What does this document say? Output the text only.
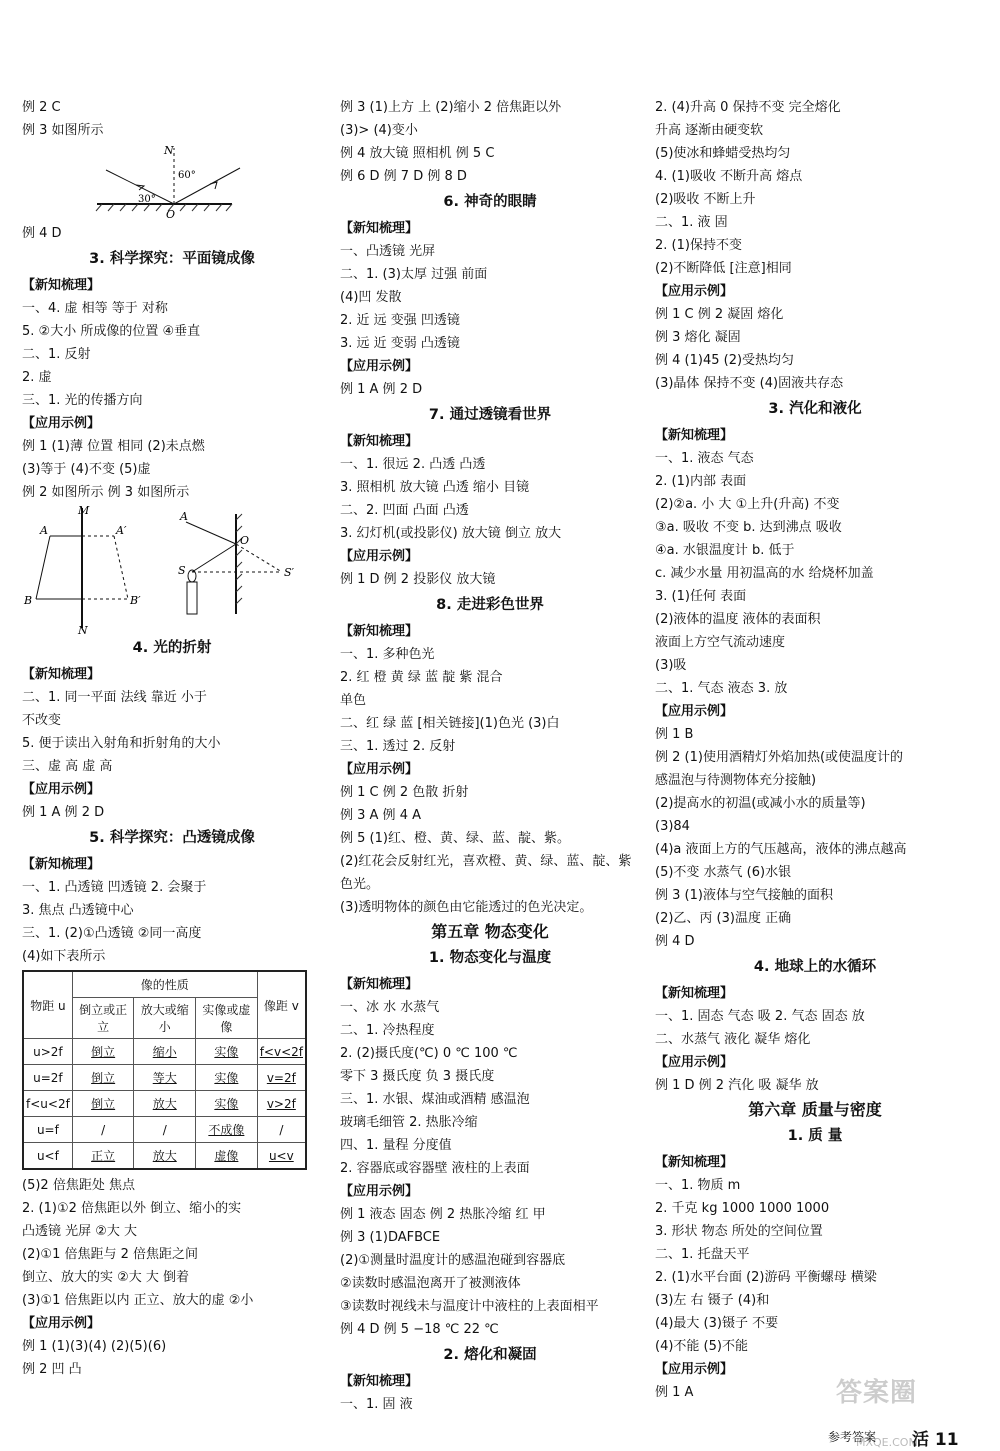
例 2 C
例 3 如图所示
N
O
30°
60°
例 4 D
3. 科学探究：平面镜成像
【新知梳理】
一、4. 虚 相等 等于 对称
5. ②大小 所成像的位置 ④垂直
二、1. 反射
2. 虚
三、1. 光的传播方向
【应用示例】
例 1 (1)薄 位置 相同 (2)未点燃
(3)等于 (4)不变 (5)虚
例 2 如图所示 例 3 如图所示
M
N
A	A′
B	B′
A
S
O
S′
4. 光的折射
【新知梳理】
二、1. 同一平面 法线 靠近 小于
不改变
5. 便于读出入射角和折射角的大小
三、虚 高 虚 高
【应用示例】
例 1 A 例 2 D
5. 科学探究：凸透镜成像
【新知梳理】
一、1. 凸透镜 凹透镜 2. 会聚于
3. 焦点 凸透镜中心
三、1. (2)①凸透镜 ②同一高度
(4)如下表所示
物距 u	像的性质			像距 v
	倒立或正立	放大或缩小	实像或虚像	
u>2f	倒立	缩小	实像	f<v<2f
u=2f	倒立	等大	实像	v=2f
f<u<2f	倒立	放大	实像	v>2f
u=f	/	/	不成像	/
u<f	正立	放大	虚像	u<v
(5)2 倍焦距处 焦点
2. (1)①2 倍焦距以外 倒立、缩小的实
凸透镜 光屏 ②大 大
(2)①1 倍焦距与 2 倍焦距之间
倒立、放大的实 ②大 大 倒着
(3)①1 倍焦距以内 正立、放大的虚 ②小
【应用示例】
例 1 (1)(3)(4) (2)(5)(6)
例 2 凹 凸
例 3 (1)上方 上 (2)缩小 2 倍焦距以外
(3)> (4)变小
例 4 放大镜 照相机 例 5 C
例 6 D 例 7 D 例 8 D
6. 神奇的眼睛
【新知梳理】
一、凸透镜 光屏
二、1. (3)太厚 过强 前面
(4)凹 发散
2. 近 远 变强 凹透镜
3. 远 近 变弱 凸透镜
【应用示例】
例 1 A 例 2 D
7. 通过透镜看世界
【新知梳理】
一、1. 很远 2. 凸透 凸透
3. 照相机 放大镜 凸透 缩小 目镜
二、2. 凹面 凸面 凸透
3. 幻灯机(或投影仪) 放大镜 倒立 放大
【应用示例】
例 1 D 例 2 投影仪 放大镜
8. 走进彩色世界
【新知梳理】
一、1. 多种色光
2. 红 橙 黄 绿 蓝 靛 紫 混合
单色
二、红 绿 蓝 [相关链接](1)色光 (3)白
三、1. 透过 2. 反射
【应用示例】
例 1 C 例 2 色散 折射
例 3 A 例 4 A
例 5 (1)红、橙、黄、绿、蓝、靛、紫。
(2)红花会反射红光，喜欢橙、黄、绿、蓝、靛、紫
色光。
(3)透明物体的颜色由它能透过的色光决定。
第五章 物态变化
1. 物态变化与温度
【新知梳理】
一、冰 水 水蒸气
二、1. 冷热程度
2. (2)摄氏度(℃) 0 ℃ 100 ℃
零下 3 摄氏度 负 3 摄氏度
三、1. 水银、煤油或酒精 感温泡
玻璃毛细管 2. 热胀冷缩
四、1. 量程 分度值
2. 容器底或容器壁 液柱的上表面
【应用示例】
例 1 液态 固态 例 2 热胀冷缩 红 甲
例 3 (1)DAFBCE
(2)①测量时温度计的感温泡碰到容器底
②读数时感温泡离开了被测液体
③读数时视线未与温度计中液柱的上表面相平
例 4 D 例 5 −18 ℃ 22 ℃
2. 熔化和凝固
【新知梳理】
一、1. 固 液
2. (4)升高 0 保持不变 完全熔化
升高 逐渐由硬变软
(5)使冰和蜂蜡受热均匀
4. (1)吸收 不断升高 熔点
(2)吸收 不断上升
二、1. 液 固
2. (1)保持不变
(2)不断降低 [注意]相同
【应用示例】
例 1 C 例 2 凝固 熔化
例 3 熔化 凝固
例 4 (1)45 (2)受热均匀
(3)晶体 保持不变 (4)固液共存态
3. 汽化和液化
【新知梳理】
一、1. 液态 气态
2. (1)内部 表面
(2)②a. 小 大 ①上升(升高) 不变
③a. 吸收 不变 b. 达到沸点 吸收
④a. 水银温度计 b. 低于
c. 减少水量 用初温高的水 给烧杯加盖
3. (1)任何 表面
(2)液体的温度 液体的表面积
液面上方空气流动速度
(3)吸
二、1. 气态 液态 3. 放
【应用示例】
例 1 B
例 2 (1)使用酒精灯外焰加热(或使温度计的
感温泡与待测物体充分接触)
(2)提高水的初温(或减小水的质量等)
(3)84
(4)a 液面上方的气压越高，液体的沸点越高
(5)不变 水蒸气 (6)水银
例 3 (1)液体与空气接触的面积
(2)乙、丙 (3)温度 正确
例 4 D
4. 地球上的水循环
【新知梳理】
一、1. 固态 气态 吸 2. 气态 固态 放
二、水蒸气 液化 凝华 熔化
【应用示例】
例 1 D 例 2 汽化 吸 凝华 放
第六章 质量与密度
1. 质 量
【新知梳理】
一、1. 物质 m
2. 千克 kg 1000 1000 1000
3. 形状 物态 所处的空间位置
二、1. 托盘天平
2. (1)水平台面 (2)游码 平衡螺母 横梁
(3)左 右 镊子 (4)和
(4)最大 (3)镊子 不要
(4)不能 (5)不能
【应用示例】
例 1 A	答案圈
MXQE.COM
参考答案 活 11
